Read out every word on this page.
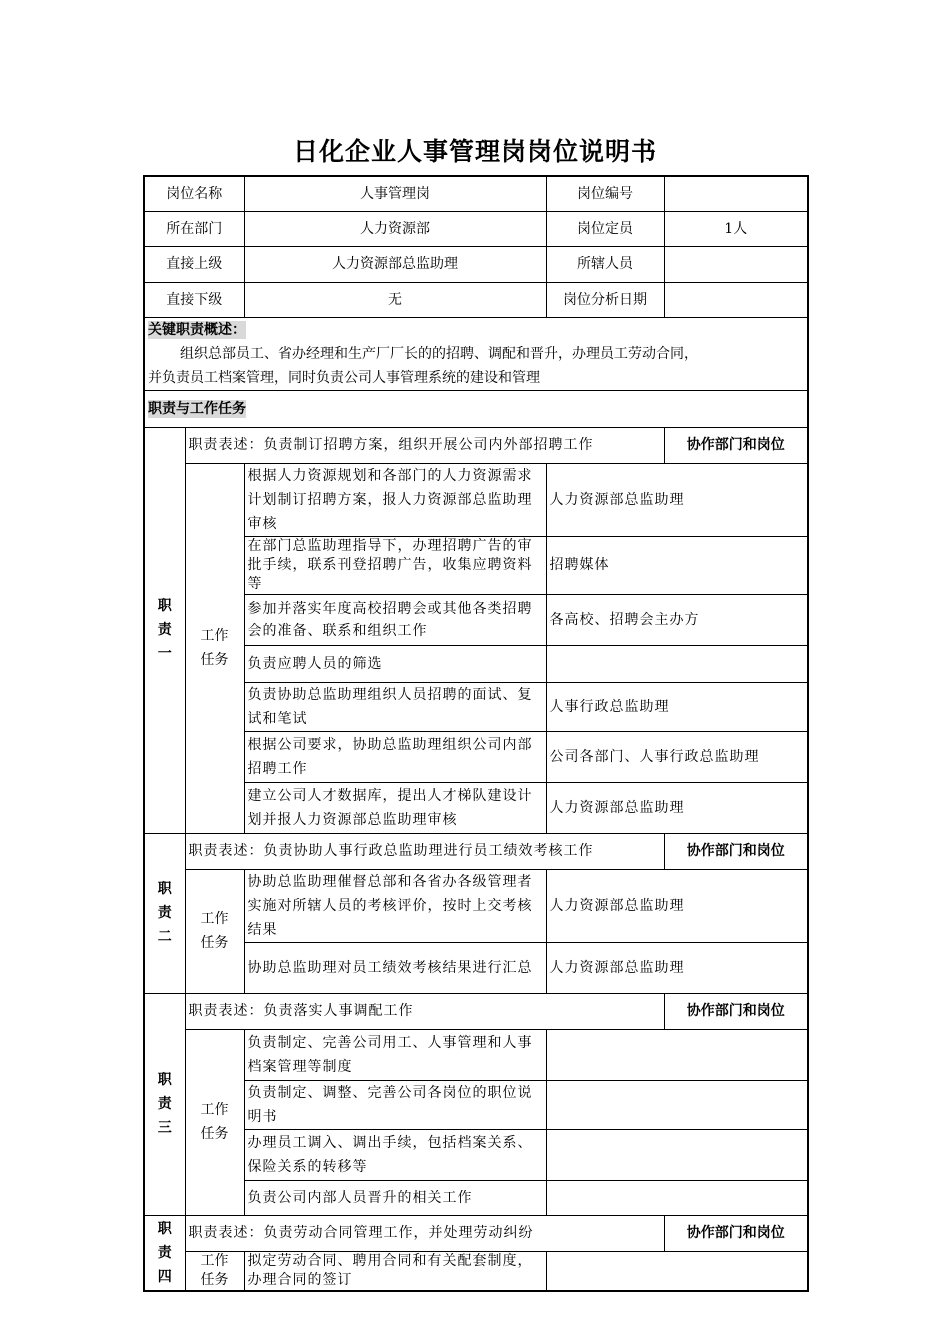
日化企业人事管理岗岗位说明书
岗位名称		人事管理岗	岗位编号	
所在部门		人力资源部	岗位定员	1人
直接上级		人力资源部总监助理	所辖人员	
直接下级		无	岗位分析日期	

关键职责概述：
组织总部员工、省办经理和生产厂厂长的的招聘、调配和晋升，办理员工劳动合同，
并负责员工档案管理，同时负责公司人事管理系统的建设和管理				

职责与工作任务				

职责一	职责表述：负责制订招聘方案，组织开展公司内外部招聘工作			协作部门和岗位

	工作任务	根据人力资源规划和各部门的人力资源需求计划制订招聘方案，报人力资源部总监助理审核	人力资源部总监助理	
		在部门总监助理指导下，办理招聘广告的审批手续，联系刊登招聘广告，收集应聘资料等	招聘媒体	
		参加并落实年度高校招聘会或其他各类招聘会的准备、联系和组织工作	各高校、招聘会主办方	
		负责应聘人员的筛选		
		负责协助总监助理组织人员招聘的面试、复试和笔试	人事行政总监助理	
		根据公司要求，协助总监助理组织公司内部招聘工作	公司各部门、人事行政总监助理	
		建立公司人才数据库，提出人才梯队建设计划并报人力资源部总监助理审核	人力资源部总监助理	

职责二	职责表述：负责协助人事行政总监助理进行员工绩效考核工作			协作部门和岗位

	工作任务	协助总监助理催督总部和各省办各级管理者实施对所辖人员的考核评价，按时上交考核结果	人力资源部总监助理	
		协助总监助理对员工绩效考核结果进行汇总	人力资源部总监助理	

职责三	职责表述：负责落实人事调配工作			协作部门和岗位

	工作任务	负责制定、完善公司用工、人事管理和人事档案管理等制度		
		负责制定、调整、完善公司各岗位的职位说明书		
		办理员工调入、调出手续，包括档案关系、保险关系的转移等		
		负责公司内部人员晋升的相关工作		

职责四	职责表述：负责劳动合同管理工作，并处理劳动纠纷			协作部门和岗位

	工作任务	拟定劳动合同、聘用合同和有关配套制度，办理合同的签订		
